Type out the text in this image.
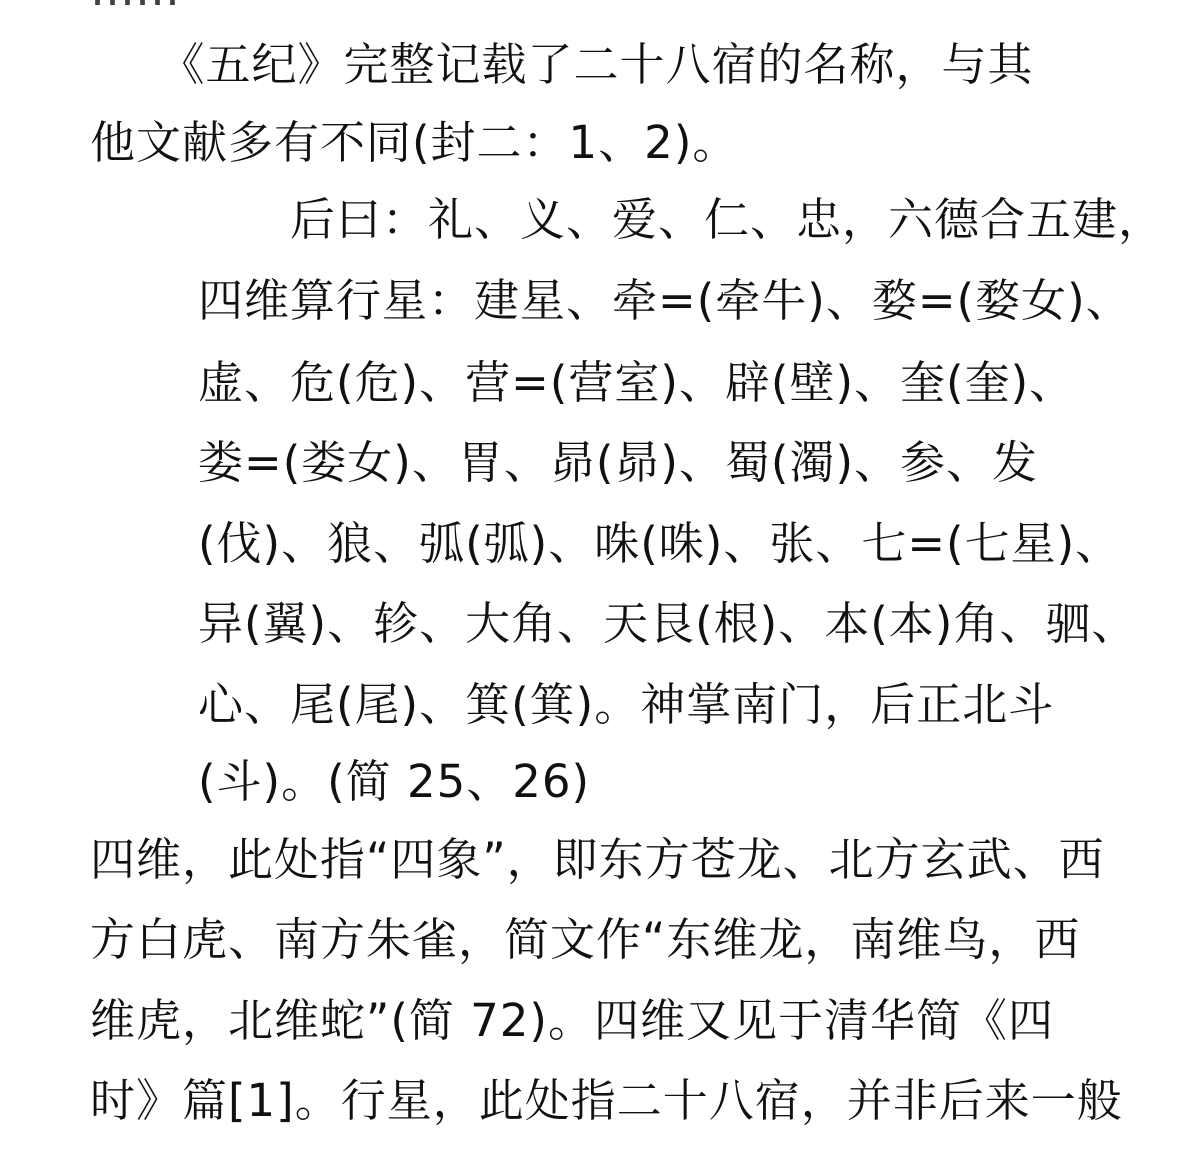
　　《五纪》完整记载了二十八宿的名称，与其
他文献多有不同(封二：1、2)。
　　后曰：礼、义、爱、仁、忠，六德合五建，
四维算行星：建星、牵=(牵牛)、婺=(婺女)、
虚、危(危)、营=(营室)、辟(壁)、奎(奎)、
娄=(娄女)、胃、昴(昴)、蜀(濁)、参、发
(伐)、狼、弧(弧)、咮(咮)、张、七=(七星)、
异(翼)、轸、大角、天艮(根)、本(本)角、驷、
心、尾(尾)、箕(箕)。神掌南门，后正北斗
(斗)。(简 25、26)
四维，此处指“四象”，即东方苍龙、北方玄武、西
方白虎、南方朱雀，简文作“东维龙，南维鸟，西
维虎，北维蛇”(简 72)。四维又见于清华简《四
时》篇[1]。行星，此处指二十八宿，并非后来一般
